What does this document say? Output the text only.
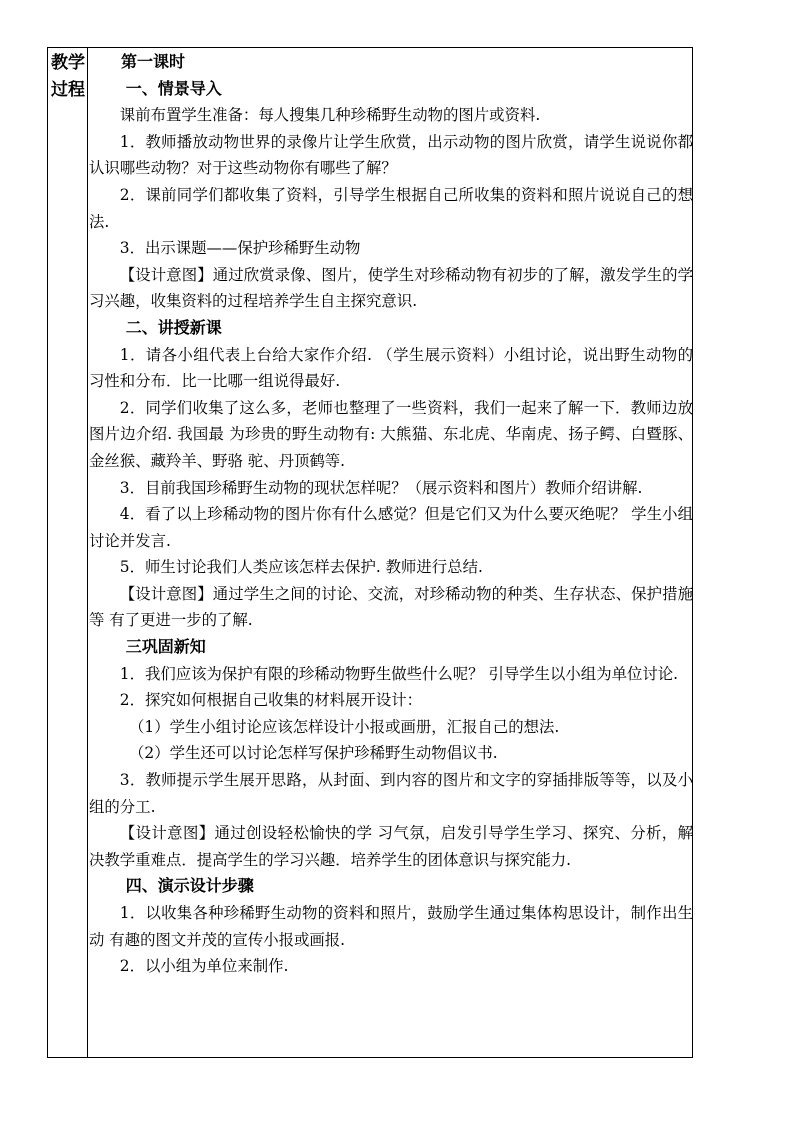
教学
过程

第一课时

一、情景导入

课前布置学生准备：每人搜集几种珍稀野生动物的图片或资料.

1．教师播放动物世界的录像片让学生欣赏，出示动物的图片欣赏，请学生说说你都认识哪些动物？对于这些动物你有哪些了解？

2．课前同学们都收集了资料，引导学生根据自己所收集的资料和照片说说自己的想法.

3．出示课题——保护珍稀野生动物

【设计意图】通过欣赏录像、图片，使学生对珍稀动物有初步的了解，激发学生的学习兴趣，收集资料的过程培养学生自主探究意识.

二、讲授新课

1．请各小组代表上台给大家作介绍. （学生展示资料）小组讨论，说出野生动物的习性和分布．比一比哪一组说得最好.

2．同学们收集了这么多，老师也整理了一些资料，我们一起来了解一下．教师边放图片边介绍. 我国最 为珍贵的野生动物有: 大熊猫、东北虎、华南虎、扬子鳄、白暨豚、金丝猴、藏羚羊、野骆 驼、丹顶鹤等.

3．目前我国珍稀野生动物的现状怎样呢？（展示资料和图片）教师介绍讲解.

4．看了以上珍稀动物的图片你有什么感觉？但是它们又为什么要灭绝呢？ 学生小组讨论并发言.

5．师生讨论我们人类应该怎样去保护. 教师进行总结.

【设计意图】通过学生之间的讨论、交流，对珍稀动物的种类、生存状态、保护措施等 有了更进一步的了解.

三巩固新知

1．我们应该为保护有限的珍稀动物野生做些什么呢？ 引导学生以小组为单位讨论.

2．探究如何根据自己收集的材料展开设计：

（1）学生小组讨论应该怎样设计小报或画册，汇报自己的想法.

（2）学生还可以讨论怎样写保护珍稀野生动物倡议书.

3．教师提示学生展开思路，从封面、到内容的图片和文字的穿插排版等等，以及小组的分工.

【设计意图】通过创设轻松愉快的学 习气氛，启发引导学生学习、探究、分析，解决教学重难点．提高学生的学习兴趣．培养学生的团体意识与探究能力.

四、演示设计步骤

1．以收集各种珍稀野生动物的资料和照片，鼓励学生通过集体构思设计，制作出生动 有趣的图文并茂的宣传小报或画报.

2．以小组为单位来制作.
